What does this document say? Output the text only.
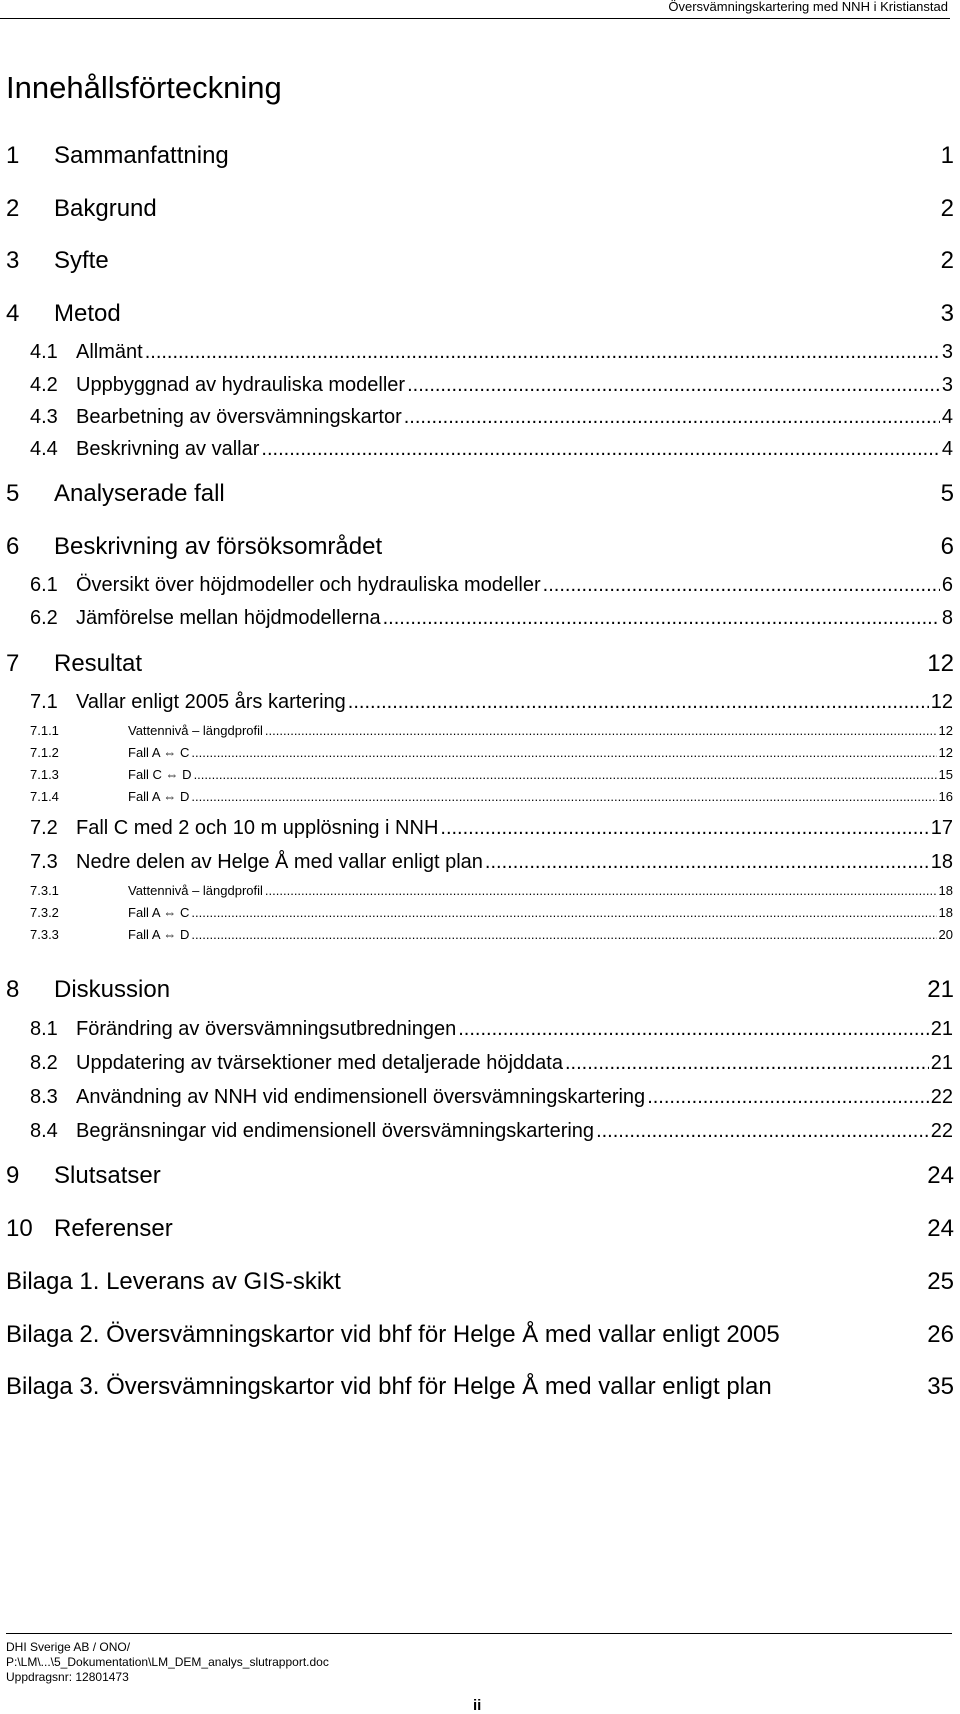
Översvämningskartering med NNH i Kristianstad
Innehållsförteckning
1	Sammanfattning	1
2	Bakgrund	2
3	Syfte	2
4	Metod	3
4.1 Allmänt .....	3
4.2 Uppbyggnad av hydrauliska modeller .....	3
4.3 Bearbetning av översvämningskartor .....	4
4.4 Beskrivning av vallar .....	4
5	Analyserade fall	5
6	Beskrivning av försöksområdet	6
6.1 Översikt över höjdmodeller och hydrauliska modeller .....	6
6.2 Jämförelse mellan höjdmodellerna .....	8
7	Resultat	12
7.1 Vallar enligt 2005 års kartering .....	12
7.1.1	Vattennivå – längdprofil .....	12
7.1.2	Fall A ⇔ C .....	12
7.1.3	Fall C ⇔ D .....	15
7.1.4	Fall A ⇔ D .....	16
7.2 Fall C med 2 och 10 m upplösning i NNH .....	17
7.3 Nedre delen av Helge Å med vallar enligt plan .....	18
7.3.1	Vattennivå – längdprofil .....	18
7.3.2	Fall A ⇔ C .....	18
7.3.3	Fall A ⇔ D .....	20
8	Diskussion	21
8.1 Förändring av översvämningsutbredningen .....	21
8.2 Uppdatering av tvärsektioner med detaljerade höjddata .....	21
8.3 Användning av NNH vid endimensionell översvämningskartering .....	22
8.4 Begränsningar vid endimensionell översvämningskartering .....	22
9	Slutsatser	24
10 Referenser	24
Bilaga 1. Leverans av GIS-skikt	25
Bilaga 2. Översvämningskartor vid bhf för Helge Å med vallar enligt 2005	26
Bilaga 3. Översvämningskartor vid bhf för Helge Å med vallar enligt plan	35
DHI Sverige AB / ONO/
P:\LM\...\5_Dokumentation\LM_DEM_analys_slutrapport.doc
Uppdragsnr: 12801473
ii
